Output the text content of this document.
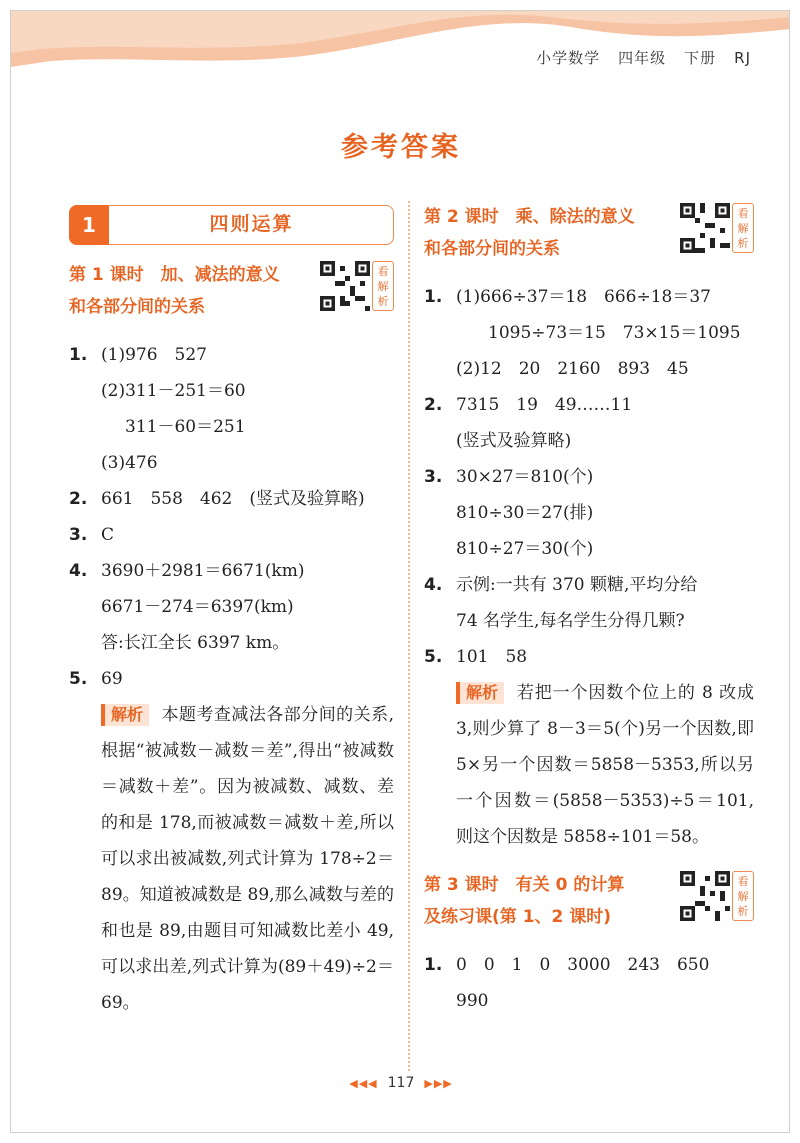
小学数学 四年级 下册 RJ
参考答案
1	四则运算
第 1 课时　加、减法的意义
和各部分间的关系
看
解
析
1. (1)976　527
(2)311－251＝60
311－60＝251
(3)476
2. 661　558　462　(竖式及验算略)
3. C
4. 3690＋2981＝6671(km)
6671－274＝6397(km)
答:长江全长 6397 km。
5. 69
解析 本题考查减法各部分间的关系,根据“被减数－减数＝差”,得出“被减数＝减数＋差”。因为被减数、减数、差的和是 178,而被减数＝减数＋差,所以可以求出被减数,列式计算为 178÷2＝89。知道被减数是 89,那么减数与差的和也是 89,由题目可知减数比差小 49,可以求出差,列式计算为(89＋49)÷2＝69。
第 2 课时　乘、除法的意义
和各部分间的关系
看
解
析
1. (1)666÷37＝18　666÷18＝37
1095÷73＝15　73×15＝1095
(2)12　20　2160　893　45
2. 7315　19　49……11
(竖式及验算略)
3. 30×27＝810(个)
810÷30＝27(排)
810÷27＝30(个)
4. 示例:一共有 370 颗糖,平均分给
74 名学生,每名学生分得几颗?
5. 101　58
解析 若把一个因数个位上的 8 改成 3,则少算了 8－3＝5(个)另一个因数,即 5×另一个因数＝5858－5353,所以另一个因数＝(5858－5353)÷5＝101,则这个因数是 5858÷101＝58。
第 3 课时　有关 0 的计算
及练习课(第 1、2 课时)
看
解
析
1. 0　0　1　0　3000　243　650
990
◀◀◀ 117 ▶▶▶
